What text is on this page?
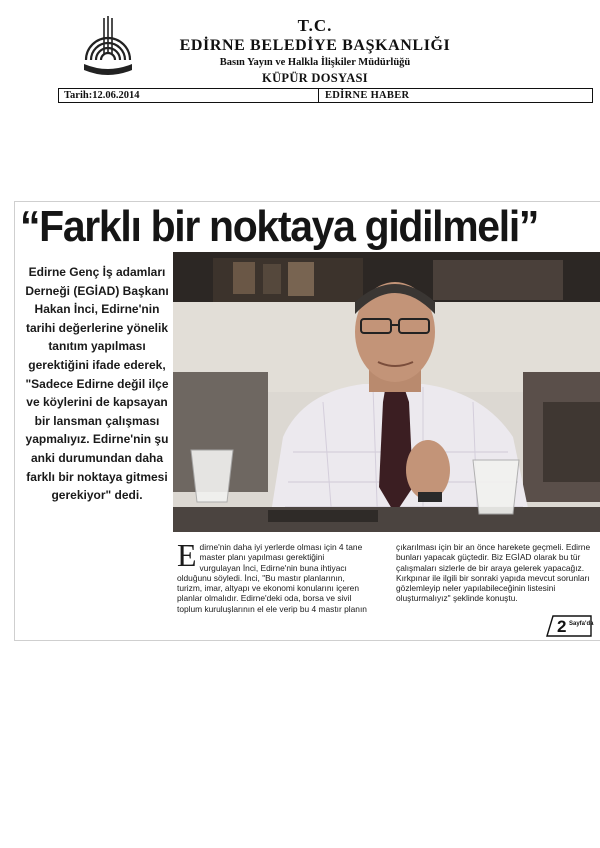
T.C.
EDİRNE BELEDİYE BAŞKANLIĞI
Basın Yayın ve Halkla İlişkiler Müdürlüğü
KÜPÜR DOSYASI
Tarih:12.06.2014	EDİRNE HABER
“Farklı bir noktaya gidilmeli”
Edirne Genç İş adamları Derneği (EGİAD) Başkanı Hakan İnci, Edirne'nin tarihi değerlerine yönelik tanıtım yapılması gerektiğini ifade ederek, "Sadece Edirne değil ilçe ve köylerini de kapsayan bir lansman çalışması yapmalıyız. Edirne'nin şu anki durumundan daha farklı bir noktaya gitmesi gerekiyor" dedi.
E dirne'nin daha iyi yerlerde olması için 4 tane master planı yapılması gerektiğini vurgulayan İnci, Edirne'nin buna ihtiyacı olduğunu söyledi. İnci, "Bu mastır planlarının, turizm, imar, altyapı ve ekonomi konularını içeren planlar olmalıdır. Edirne'deki oda, borsa ve sivil toplum kuruluşlarının el ele verip bu 4 mastır planın

çıkarılması için bir an önce harekete geçmeli. Edirne bunları yapacak güçtedir. Biz EGİAD olarak bu tür çalışmaları sizlerle de bir araya gelerek yapacağız. Kırkpınar ile ilgili bir sonraki yapıda mevcut sorunları gözlemleyip neler yapılabileceğinin listesini oluşturmalıyız" şeklinde konuştu.

2 Sayfa'da
